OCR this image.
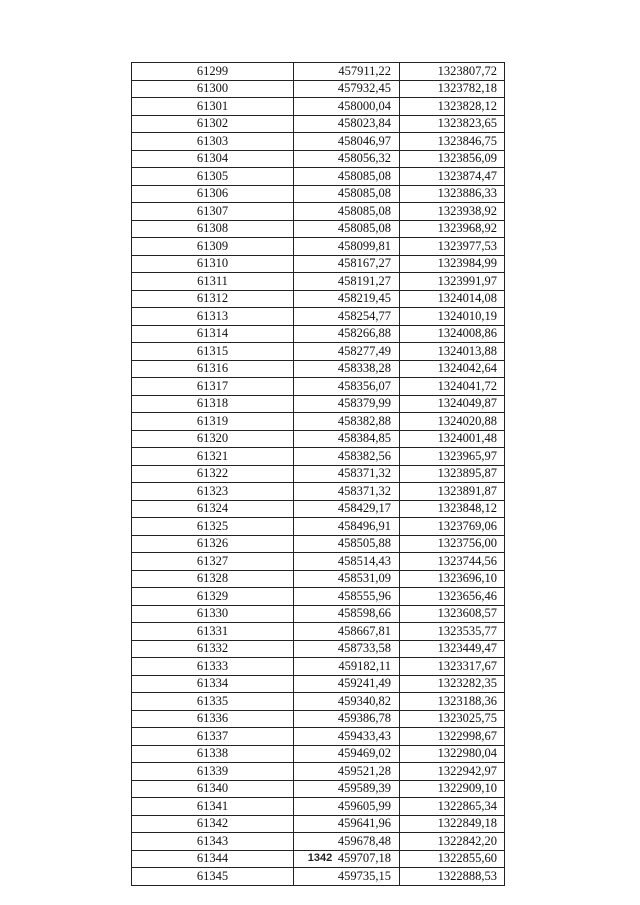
61299	457911,22	1323807,72
61300	457932,45	1323782,18
61301	458000,04	1323828,12
61302	458023,84	1323823,65
61303	458046,97	1323846,75
61304	458056,32	1323856,09
61305	458085,08	1323874,47
61306	458085,08	1323886,33
61307	458085,08	1323938,92
61308	458085,08	1323968,92
61309	458099,81	1323977,53
61310	458167,27	1323984,99
61311	458191,27	1323991,97
61312	458219,45	1324014,08
61313	458254,77	1324010,19
61314	458266,88	1324008,86
61315	458277,49	1324013,88
61316	458338,28	1324042,64
61317	458356,07	1324041,72
61318	458379,99	1324049,87
61319	458382,88	1324020,88
61320	458384,85	1324001,48
61321	458382,56	1323965,97
61322	458371,32	1323895,87
61323	458371,32	1323891,87
61324	458429,17	1323848,12
61325	458496,91	1323769,06
61326	458505,88	1323756,00
61327	458514,43	1323744,56
61328	458531,09	1323696,10
61329	458555,96	1323656,46
61330	458598,66	1323608,57
61331	458667,81	1323535,77
61332	458733,58	1323449,47
61333	459182,11	1323317,67
61334	459241,49	1323282,35
61335	459340,82	1323188,36
61336	459386,78	1323025,75
61337	459433,43	1322998,67
61338	459469,02	1322980,04
61339	459521,28	1322942,97
61340	459589,39	1322909,10
61341	459605,99	1322865,34
61342	459641,96	1322849,18
61343	459678,48	1322842,20
61344	459707,18	1322855,60
61345	459735,15	1322888,53
1342
